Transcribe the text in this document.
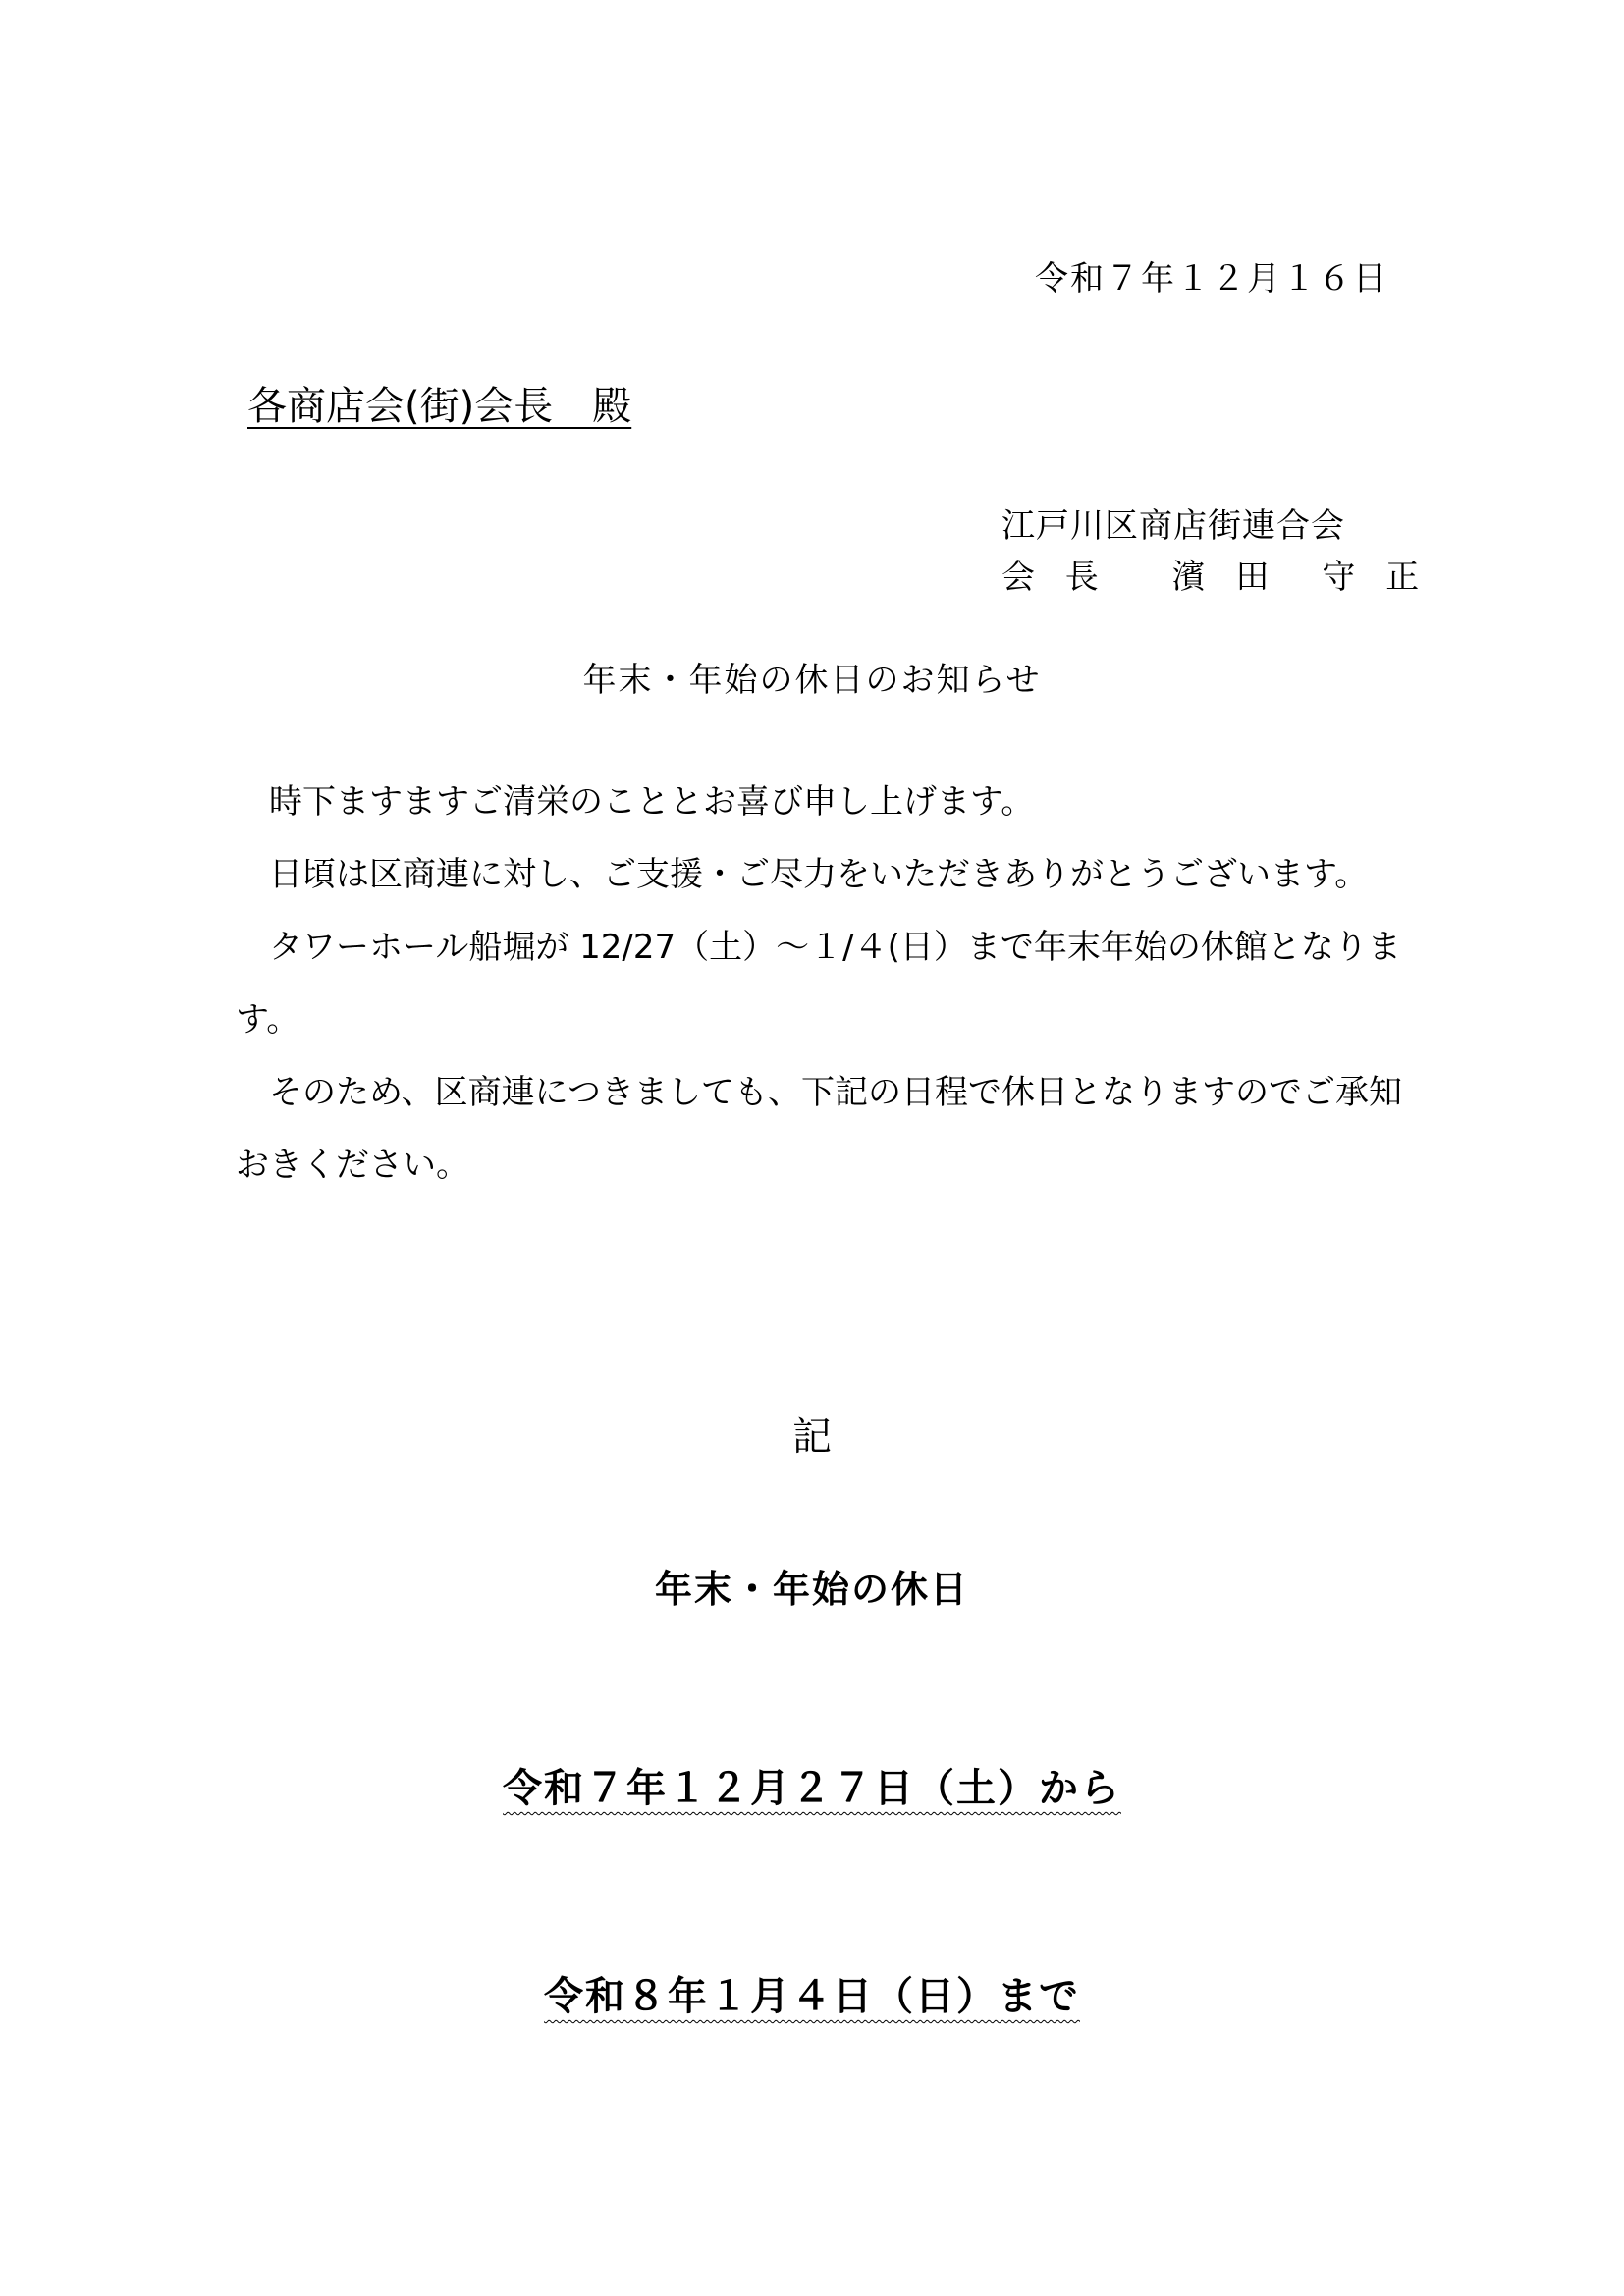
令和７年１２月１６日
各商店会(街)会長　殿
江戸川区商店街連合会
会 長　 濱 田　守 正
年末・年始の休日のお知らせ

時下ますますご清栄のこととお喜び申し上げます。

日頃は区商連に対し、ご支援・ご尽力をいただきありがとうございます。

タワーホール船堀が 12/27（土）～１/４(日）まで年末年始の休館となります。

そのため、区商連につきましても、下記の日程で休日となりますのでご承知おきください。

記
年末・年始の休日
令和７年１２月２７日（土）から
令和８年１月４日（日）まで
